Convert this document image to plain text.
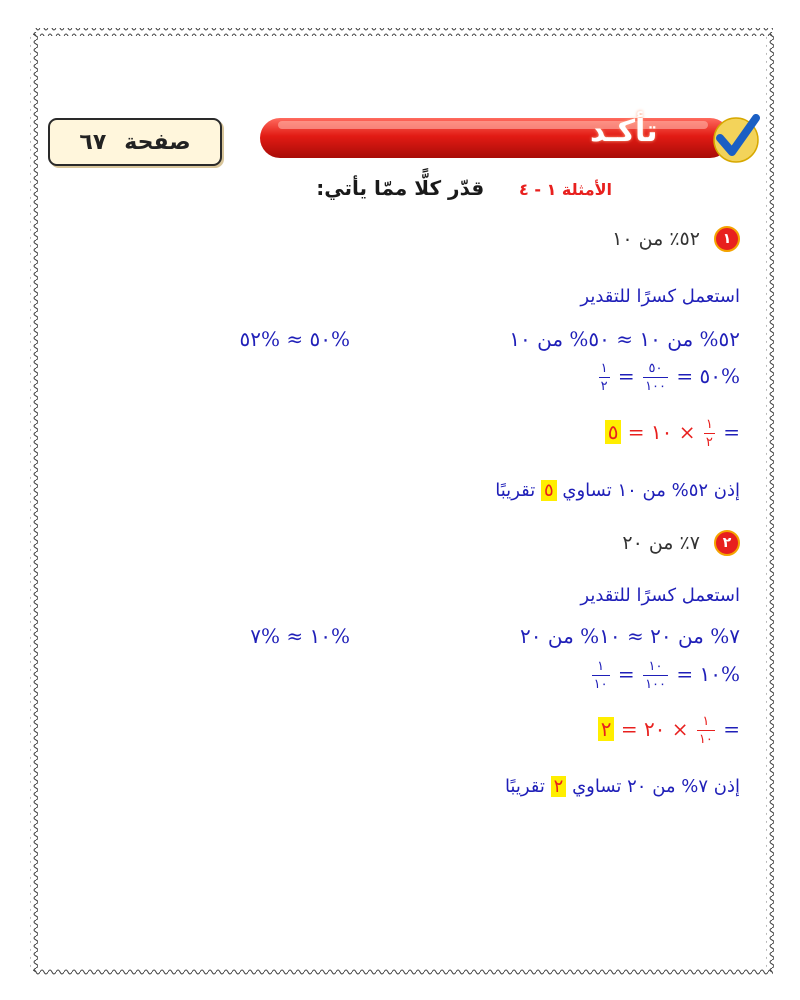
صفحة
٦٧	تأكـد
الأمثلة ١ - ٤     قدّر كلًّا ممّا يأتي:
١ ٥٢٪ من ١٠
استعمل كسرًا للتقدير
٥٢% من ١٠ ≈ ٥٠% من ١٠
%٥٠ ≈ %٥٢
%٥٠ =
$\frac{٥٠}{١٠٠}$
=
$\frac{١}{٢}$
=
$\frac{١}{٢}$
× ١٠ = ٥
إذن ٥٢% من ١٠ تساوي ٥ تقريبًا
٢ ٧٪ من ٢٠
استعمل كسرًا للتقدير
٧% من ٢٠ ≈ ١٠% من ٢٠
%١٠ ≈ %٧
%١٠ =
$\frac{١٠}{١٠٠}$
=
$\frac{١}{١٠}$
=
$\frac{١}{١٠}$
× ٢٠ = ٢
إذن ٧% من ٢٠ تساوي ٢ تقريبًا
